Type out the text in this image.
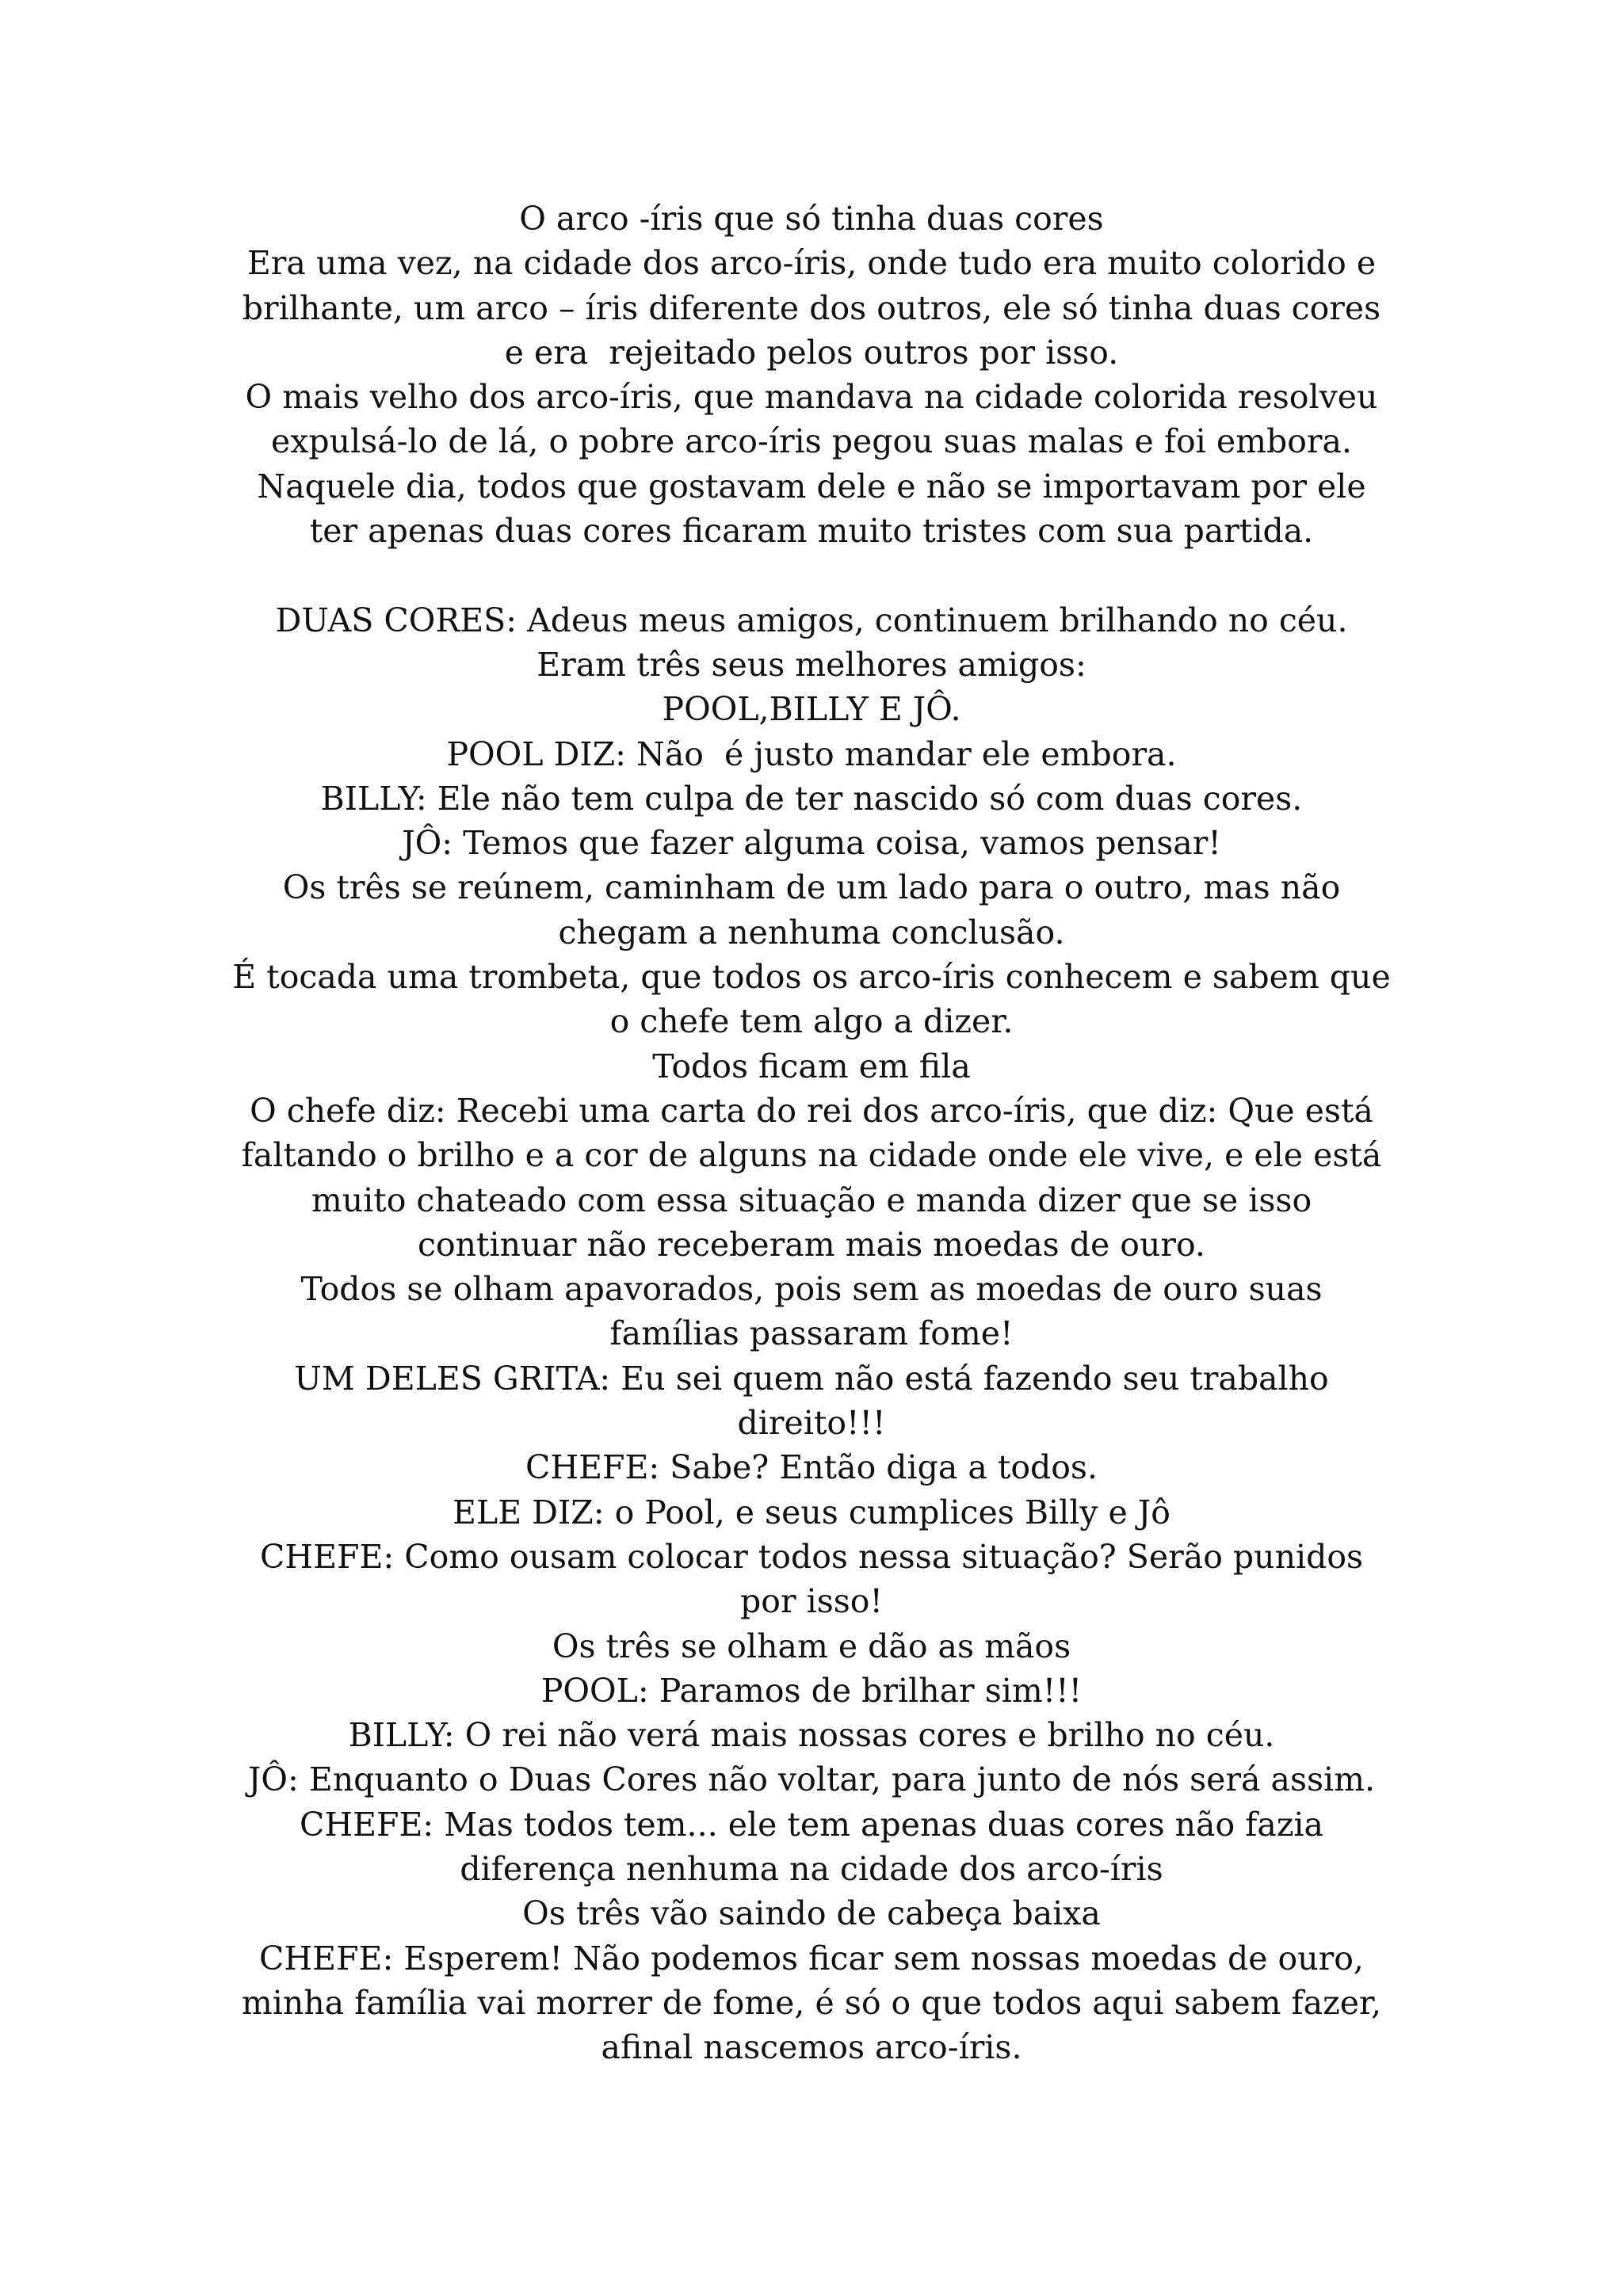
O arco -íris que só tinha duas cores
Era uma vez, na cidade dos arco-íris, onde tudo era muito colorido e
brilhante, um arco – íris diferente dos outros, ele só tinha duas cores
e era  rejeitado pelos outros por isso.
O mais velho dos arco-íris, que mandava na cidade colorida resolveu
expulsá-lo de lá, o pobre arco-íris pegou suas malas e foi embora.
Naquele dia, todos que gostavam dele e não se importavam por ele
ter apenas duas cores ficaram muito tristes com sua partida.
DUAS CORES: Adeus meus amigos, continuem brilhando no céu.
Eram três seus melhores amigos:
POOL,BILLY E JÔ.
POOL DIZ: Não  é justo mandar ele embora.
BILLY: Ele não tem culpa de ter nascido só com duas cores.
JÔ: Temos que fazer alguma coisa, vamos pensar!
Os três se reúnem, caminham de um lado para o outro, mas não
chegam a nenhuma conclusão.
É tocada uma trombeta, que todos os arco-íris conhecem e sabem que
o chefe tem algo a dizer.
Todos ficam em fila
O chefe diz: Recebi uma carta do rei dos arco-íris, que diz: Que está
faltando o brilho e a cor de alguns na cidade onde ele vive, e ele está
muito chateado com essa situação e manda dizer que se isso
continuar não receberam mais moedas de ouro.
Todos se olham apavorados, pois sem as moedas de ouro suas
famílias passaram fome!
UM DELES GRITA: Eu sei quem não está fazendo seu trabalho
direito!!!
CHEFE: Sabe? Então diga a todos.
ELE DIZ: o Pool, e seus cumplices Billy e Jô
CHEFE: Como ousam colocar todos nessa situação? Serão punidos
por isso!
Os três se olham e dão as mãos
POOL: Paramos de brilhar sim!!!
BILLY: O rei não verá mais nossas cores e brilho no céu.
JÔ: Enquanto o Duas Cores não voltar, para junto de nós será assim.
CHEFE: Mas todos tem... ele tem apenas duas cores não fazia
diferença nenhuma na cidade dos arco-íris
Os três vão saindo de cabeça baixa
CHEFE: Esperem! Não podemos ficar sem nossas moedas de ouro,
minha família vai morrer de fome, é só o que todos aqui sabem fazer,
afinal nascemos arco-íris.
